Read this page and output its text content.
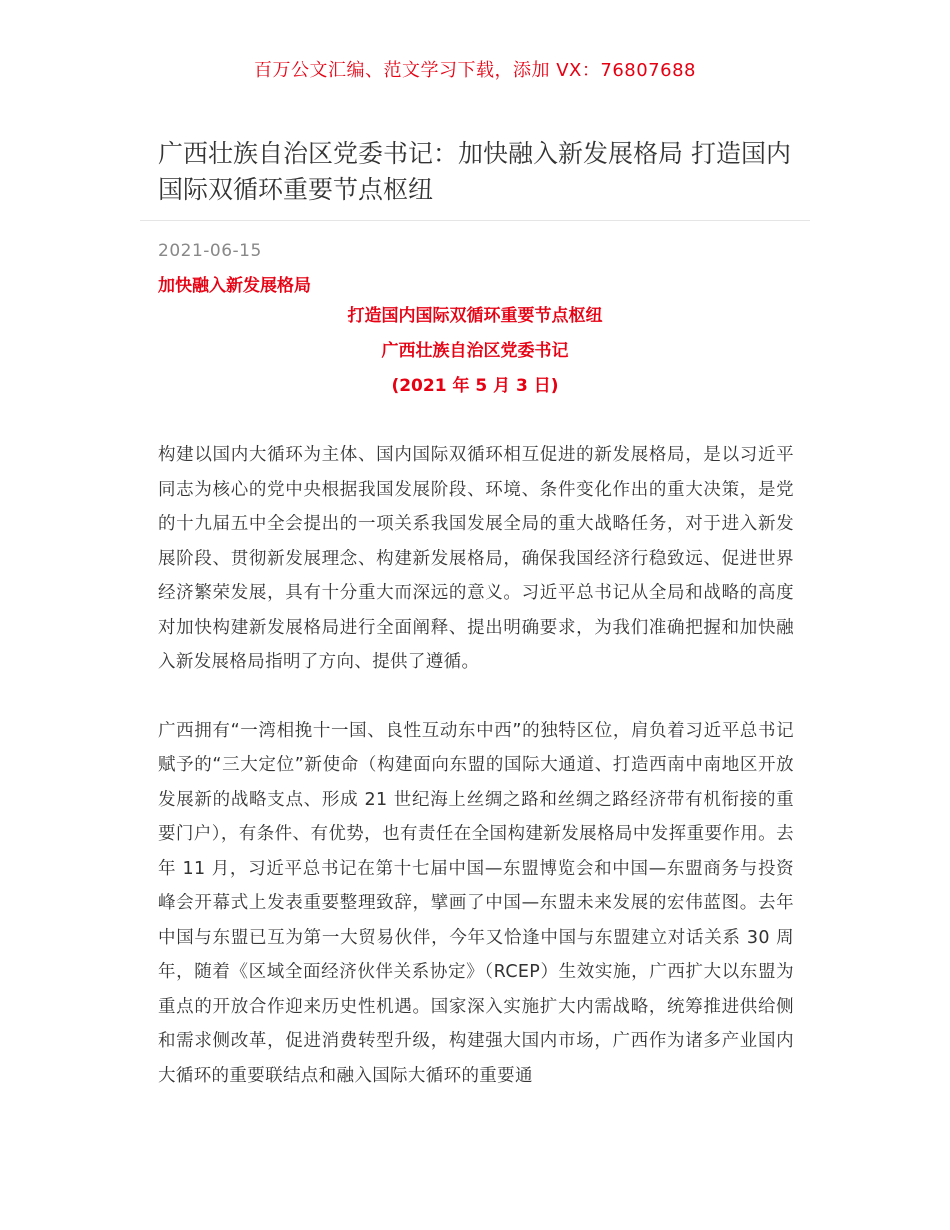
百万公文汇编、范文学习下载，添加 VX：76807688
广西壮族自治区党委书记：加快融入新发展格局 打造国内国际双循环重要节点枢纽
2021-06-15
加快融入新发展格局
打造国内国际双循环重要节点枢纽
广西壮族自治区党委书记
(2021 年 5 月 3 日)

构建以国内大循环为主体、国内国际双循环相互促进的新发展格局，是以习近平同志为核心的党中央根据我国发展阶段、环境、条件变化作出的重大决策，是党的十九届五中全会提出的一项关系我国发展全局的重大战略任务，对于进入新发展阶段、贯彻新发展理念、构建新发展格局，确保我国经济行稳致远、促进世界经济繁荣发展，具有十分重大而深远的意义。习近平总书记从全局和战略的高度对加快构建新发展格局进行全面阐释、提出明确要求，为我们准确把握和加快融入新发展格局指明了方向、提供了遵循。

广西拥有“一湾相挽十一国、良性互动东中西”的独特区位，肩负着习近平总书记赋予的“三大定位”新使命（构建面向东盟的国际大通道、打造西南中南地区开放发展新的战略支点、形成 21 世纪海上丝绸之路和丝绸之路经济带有机衔接的重要门户），有条件、有优势，也有责任在全国构建新发展格局中发挥重要作用。去年 11 月，习近平总书记在第十七届中国—东盟博览会和中国—东盟商务与投资峰会开幕式上发表重要整理致辞，擘画了中国—东盟未来发展的宏伟蓝图。去年中国与东盟已互为第一大贸易伙伴，今年又恰逢中国与东盟建立对话关系 30 周年，随着《区域全面经济伙伴关系协定》（RCEP）生效实施，广西扩大以东盟为重点的开放合作迎来历史性机遇。国家深入实施扩大内需战略，统筹推进供给侧和需求侧改革，促进消费转型升级，构建强大国内市场，广西作为诸多产业国内大循环的重要联结点和融入国际大循环的重要通
